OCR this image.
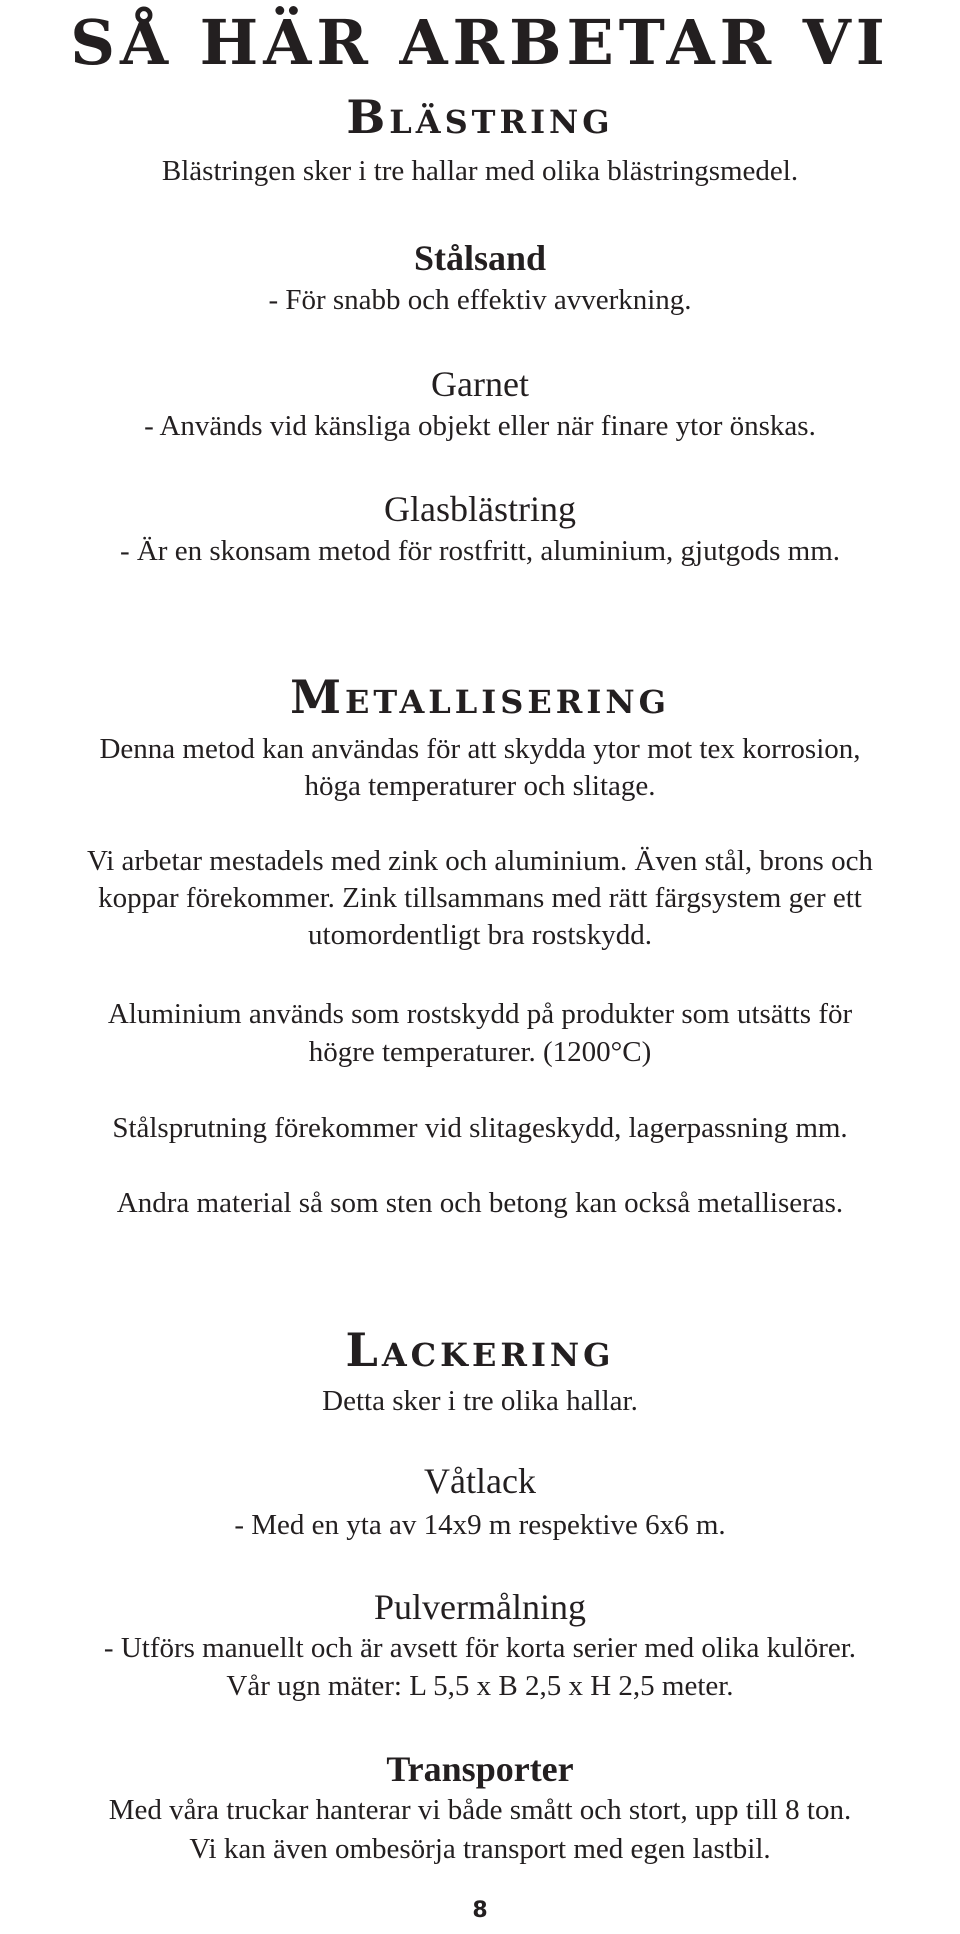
SÅ HÄR ARBETAR VI
Blästring
Blästringen sker i tre hallar med olika blästringsmedel.
Stålsand
- För snabb och effektiv avverkning.
Garnet
- Används vid känsliga objekt eller när finare ytor önskas.
Glasblästring
- Är en skonsam metod för rostfritt, aluminium, gjutgods mm.
Metallisering
Denna metod kan användas för att skydda ytor mot tex korrosion,
höga temperaturer och slitage.
Vi arbetar mestadels med zink och aluminium. Även stål, brons och
koppar förekommer. Zink tillsammans med rätt färgsystem ger ett
utomordentligt bra rostskydd.
Aluminium används som rostskydd på produkter som utsätts för
högre temperaturer. (1200°C)
Stålsprutning förekommer vid slitageskydd, lagerpassning mm.
Andra material så som sten och betong kan också metalliseras.
Lackering
Detta sker i tre olika hallar.
Våtlack
- Med en yta av 14x9 m respektive 6x6 m.
Pulvermålning
- Utförs manuellt och är avsett för korta serier med olika kulörer.
Vår ugn mäter: L 5,5 x B 2,5 x H 2,5 meter.
Transporter
Med våra truckar hanterar vi både smått och stort, upp till 8 ton.
Vi kan även ombesörja transport med egen lastbil.
8
